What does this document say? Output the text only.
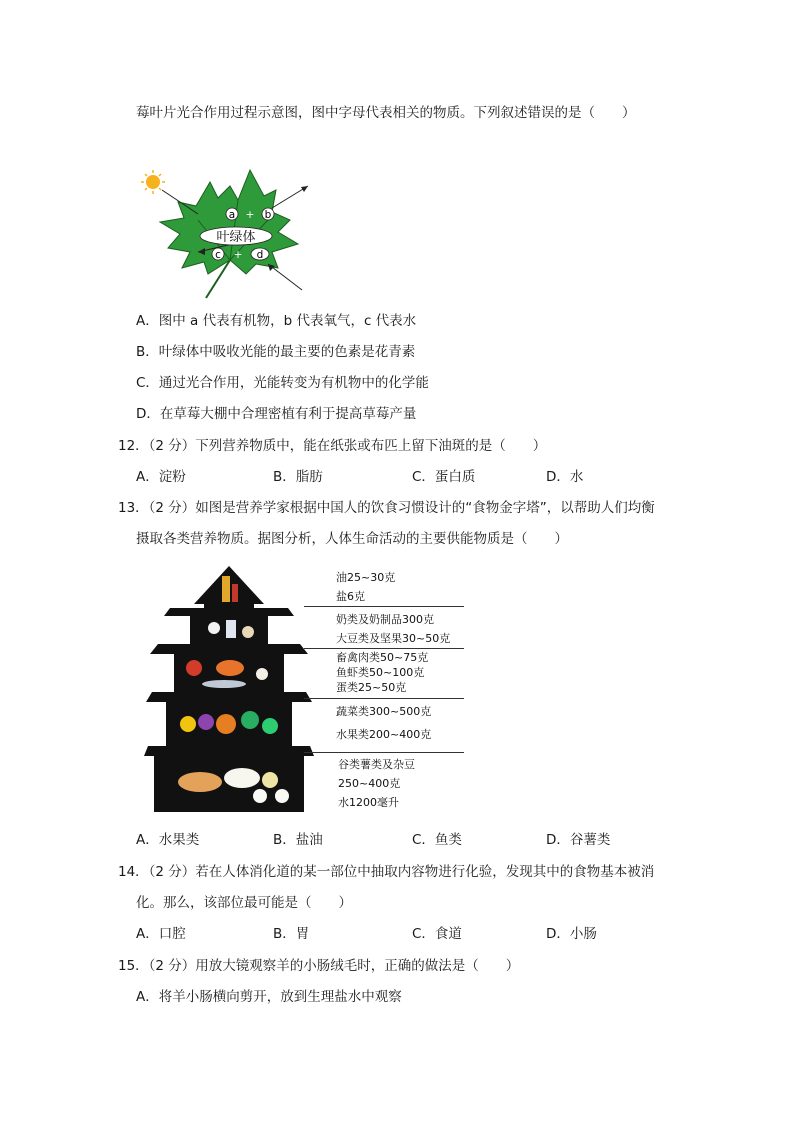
莓叶片光合作用过程示意图，图中字母代表相关的物质。下列叙述错误的是（　　）
a + b
叶绿体
c + d
A．图中 a 代表有机物，b 代表氧气，c 代表水
B．叶绿体中吸收光能的最主要的色素是花青素
C．通过光合作用，光能转变为有机物中的化学能
D．在草莓大棚中合理密植有利于提高草莓产量
12．（2 分）下列营养物质中，能在纸张或布匹上留下油斑的是（　　）
A．淀粉	B．脂肪	C．蛋白质	D．水
13．（2 分）如图是营养学家根据中国人的饮食习惯设计的“食物金字塔”，以帮助人们均衡
摄取各类营养物质。据图分析，人体生命活动的主要供能物质是（　　）
油25~30克
盐6克
奶类及奶制品300克
大豆类及坚果30~50克
畜禽肉类50~75克
鱼虾类50~100克
蛋类25~50克
蔬菜类300~500克
水果类200~400克
谷类薯类及杂豆
250~400克
水1200毫升
A．水果类	B．盐油	C．鱼类	D．谷薯类
14．（2 分）若在人体消化道的某一部位中抽取内容物进行化验，发现其中的食物基本被消
化。那么，该部位最可能是（　　）
A．口腔	B．胃	C．食道	D．小肠
15．（2 分）用放大镜观察羊的小肠绒毛时，正确的做法是（　　）
A．将羊小肠横向剪开，放到生理盐水中观察
